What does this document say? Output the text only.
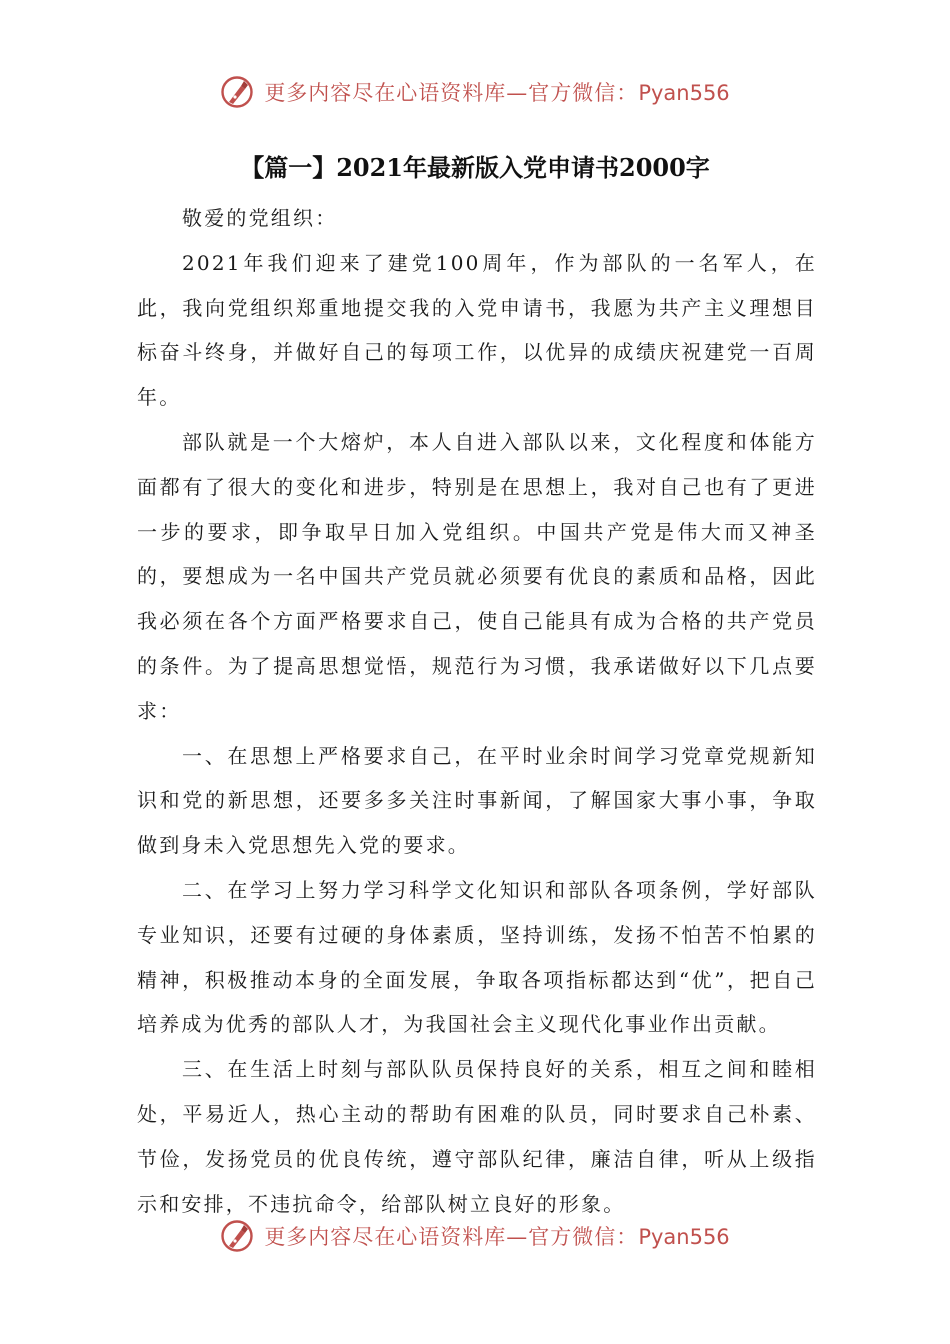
更多内容尽在心语资料库—官方微信：Pyan556
【篇一】2021年最新版入党申请书2000字

敬爱的党组织：

2021年我们迎来了建党100周年，作为部队的一名军人，在此，我向党组织郑重地提交我的入党申请书，我愿为共产主义理想目标奋斗终身，并做好自己的每项工作，以优异的成绩庆祝建党一百周年。

部队就是一个大熔炉，本人自进入部队以来，文化程度和体能方面都有了很大的变化和进步，特别是在思想上，我对自己也有了更进一步的要求，即争取早日加入党组织。中国共产党是伟大而又神圣的，要想成为一名中国共产党员就必须要有优良的素质和品格，因此我必须在各个方面严格要求自己，使自己能具有成为合格的共产党员的条件。为了提高思想觉悟，规范行为习惯，我承诺做好以下几点要求：

一、在思想上严格要求自己，在平时业余时间学习党章党规新知识和党的新思想，还要多多关注时事新闻，了解国家大事小事，争取做到身未入党思想先入党的要求。

二、在学习上努力学习科学文化知识和部队各项条例，学好部队专业知识，还要有过硬的身体素质，坚持训练，发扬不怕苦不怕累的精神，积极推动本身的全面发展，争取各项指标都达到“优”，把自己培养成为优秀的部队人才，为我国社会主义现代化事业作出贡献。

三、在生活上时刻与部队队员保持良好的关系，相互之间和睦相处，平易近人，热心主动的帮助有困难的队员，同时要求自己朴素、节俭，发扬党员的优良传统，遵守部队纪律，廉洁自律，听从上级指示和安排，不违抗命令，给部队树立良好的形象。

更多内容尽在心语资料库—官方微信：Pyan556
